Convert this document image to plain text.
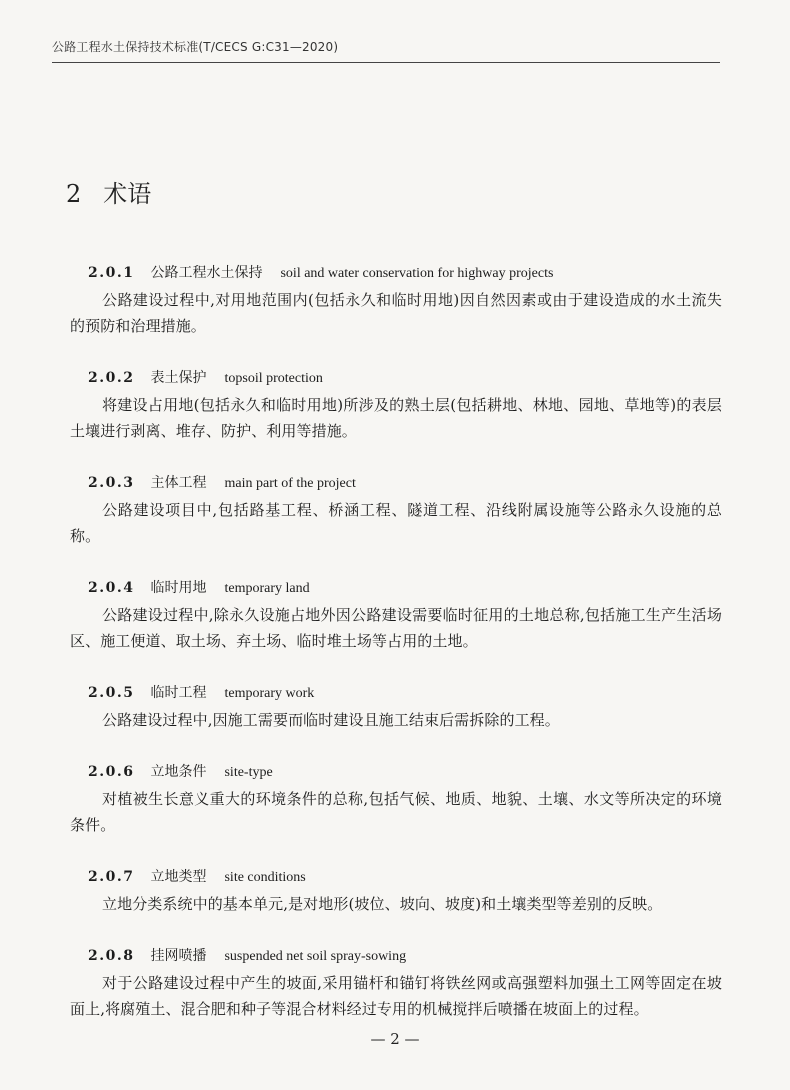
公路工程水土保持技术标准(T/CECS G:C31—2020)
2 术语
2.0.1 公路工程水土保持 soil and water conservation for highway projects

公路建设过程中,对用地范围内(包括永久和临时用地)因自然因素或由于建设造成的水土流失的预防和治理措施。

2.0.2 表土保护 topsoil protection

将建设占用地(包括永久和临时用地)所涉及的熟土层(包括耕地、林地、园地、草地等)的表层土壤进行剥离、堆存、防护、利用等措施。

2.0.3 主体工程 main part of the project

公路建设项目中,包括路基工程、桥涵工程、隧道工程、沿线附属设施等公路永久设施的总称。

2.0.4 临时用地 temporary land

公路建设过程中,除永久设施占地外因公路建设需要临时征用的土地总称,包括施工生产生活场区、施工便道、取土场、弃土场、临时堆土场等占用的土地。

2.0.5 临时工程 temporary work

公路建设过程中,因施工需要而临时建设且施工结束后需拆除的工程。

2.0.6 立地条件 site-type

对植被生长意义重大的环境条件的总称,包括气候、地质、地貌、土壤、水文等所决定的环境条件。

2.0.7 立地类型 site conditions

立地分类系统中的基本单元,是对地形(坡位、坡向、坡度)和土壤类型等差别的反映。

2.0.8 挂网喷播 suspended net soil spray-sowing

对于公路建设过程中产生的坡面,采用锚杆和锚钉将铁丝网或高强塑料加强土工网等固定在坡面上,将腐殖土、混合肥和种子等混合材料经过专用的机械搅拌后喷播在坡面上的过程。

— 2 —
